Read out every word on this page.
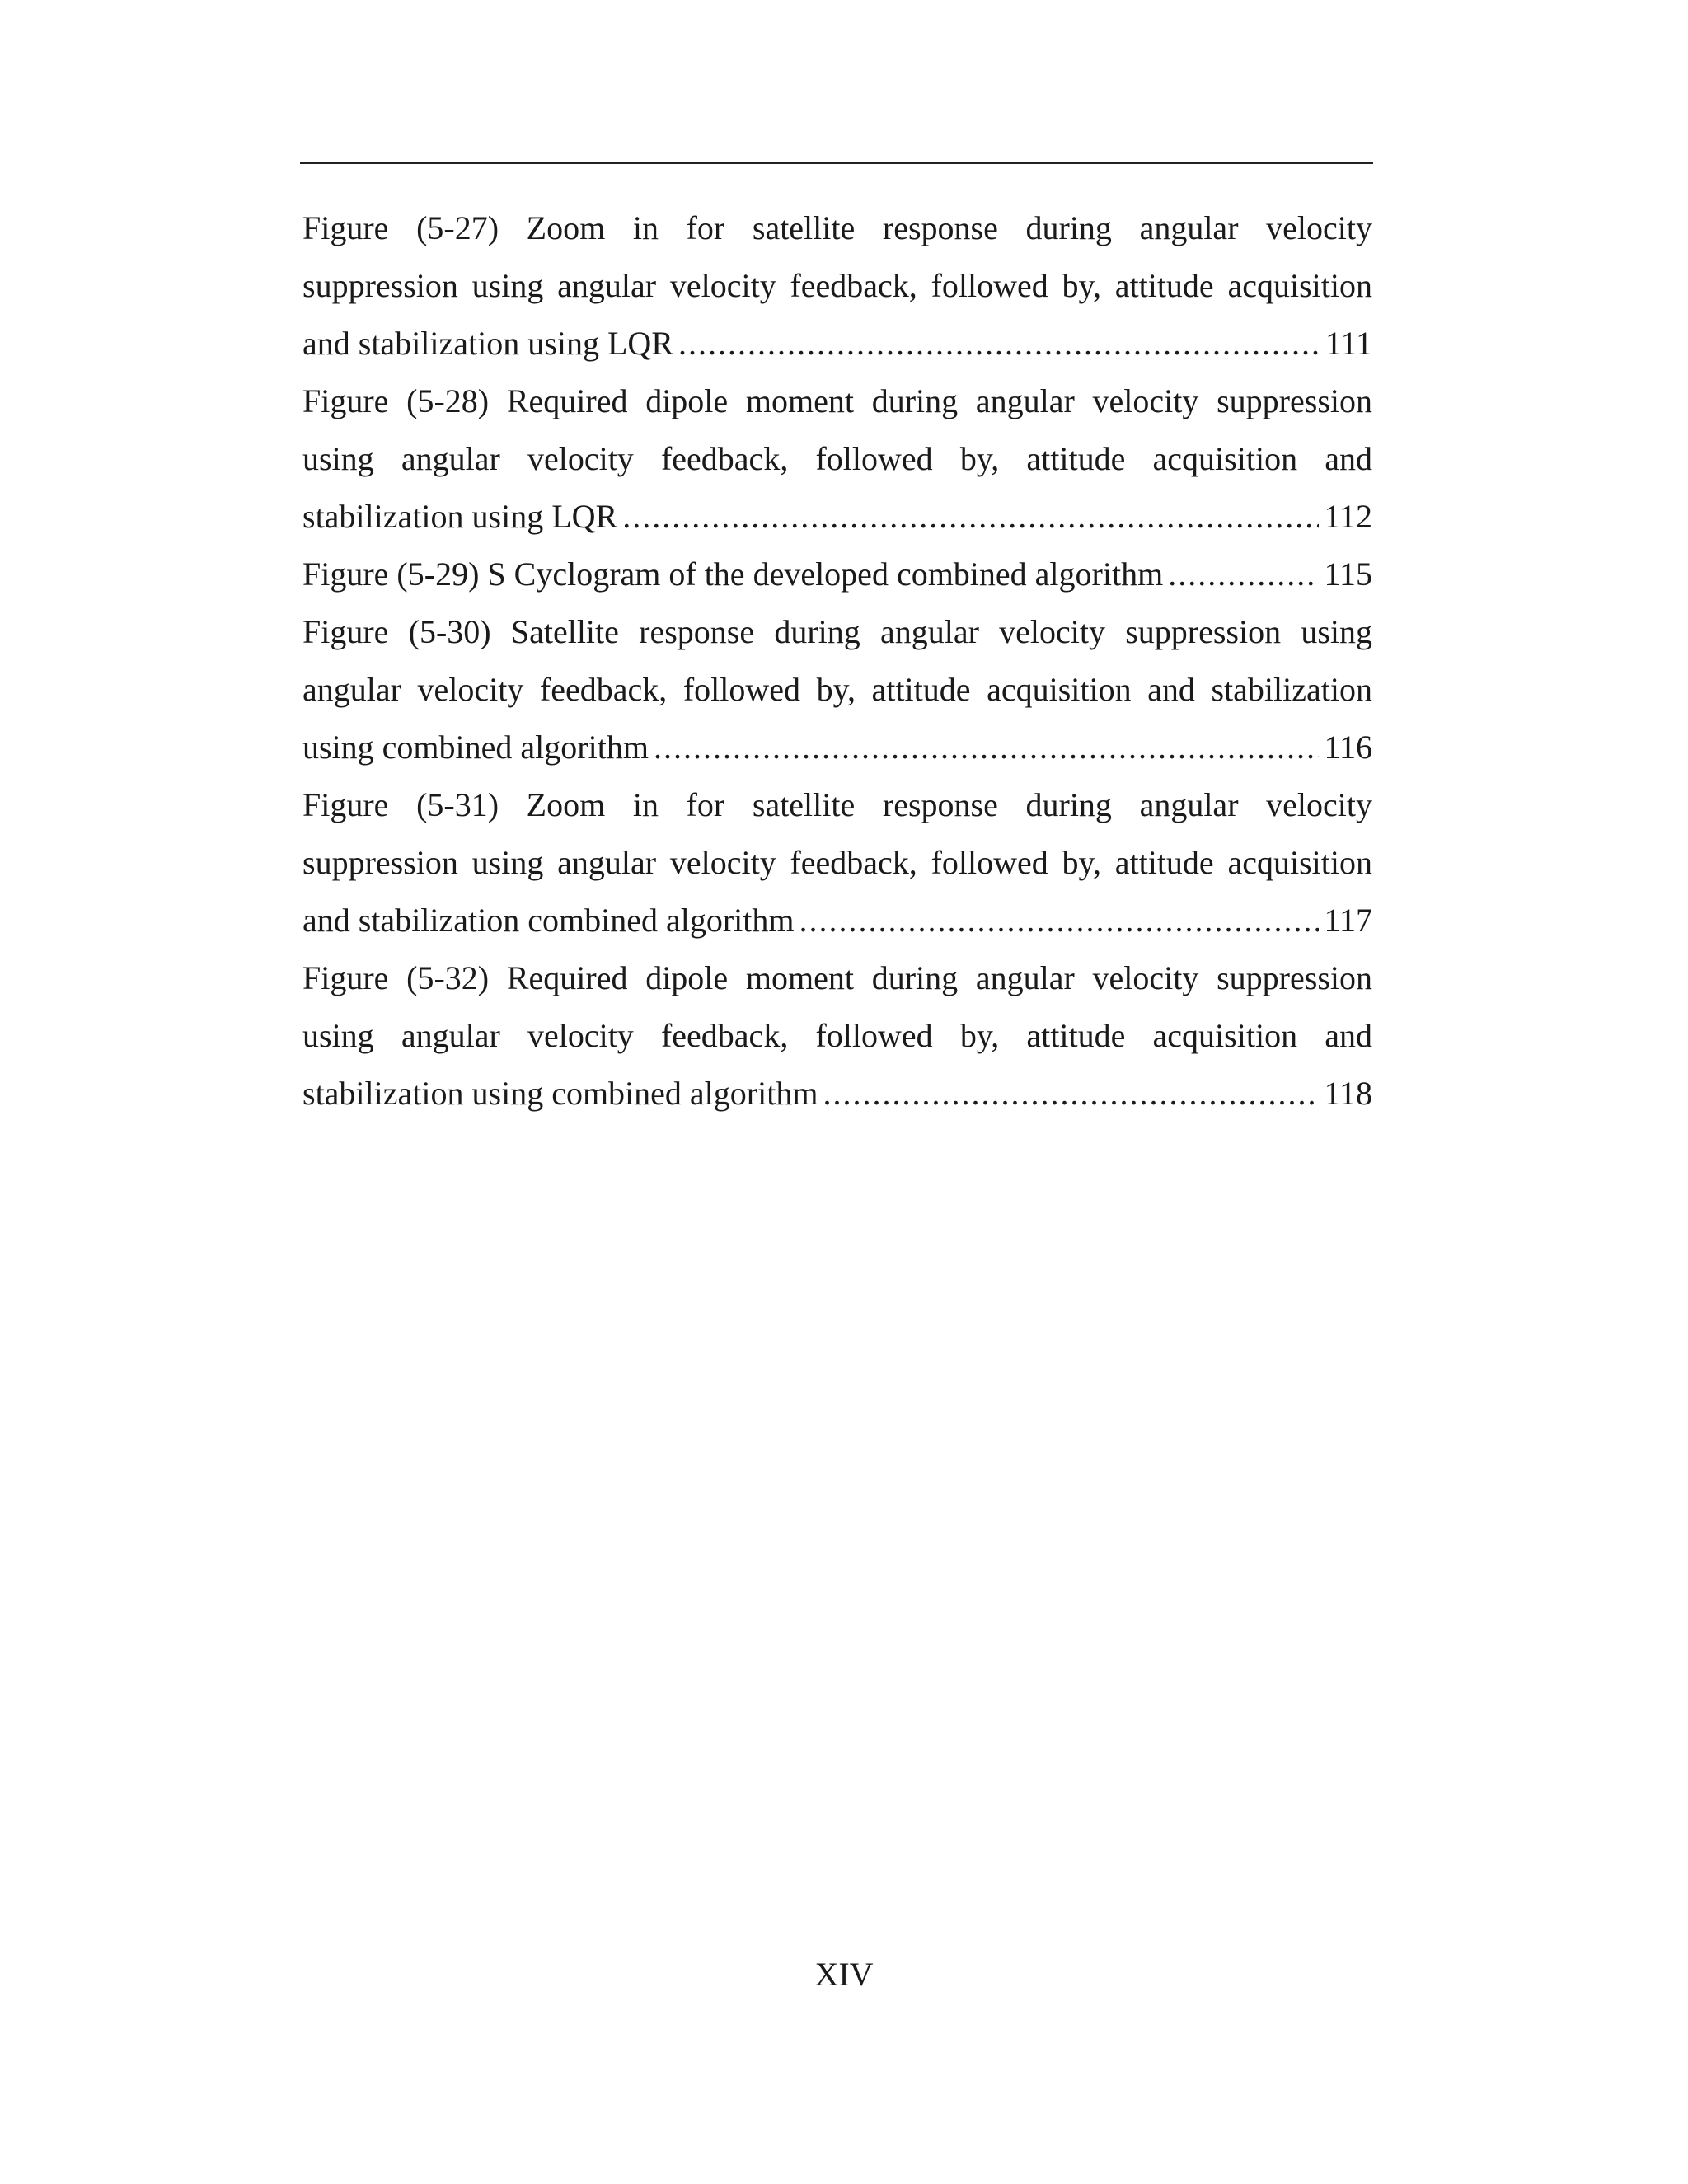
Figure (5-27) Zoom in for satellite response during angular velocity
suppression using angular velocity feedback, followed by, attitude acquisition
and stabilization using LQR .....	111
Figure (5-28) Required dipole moment during angular velocity suppression
using angular velocity feedback, followed by, attitude acquisition and
stabilization using LQR .....	112
Figure (5-29) S Cyclogram of the developed combined algorithm .....	115
Figure (5-30) Satellite response during angular velocity suppression using
angular velocity feedback, followed by, attitude acquisition and stabilization
using combined algorithm .....	116
Figure (5-31) Zoom in for satellite response during angular velocity
suppression using angular velocity feedback, followed by, attitude acquisition
and stabilization combined algorithm .....	117
Figure (5-32) Required dipole moment during angular velocity suppression
using angular velocity feedback, followed by, attitude acquisition and
stabilization using combined algorithm .....	118
XIV
